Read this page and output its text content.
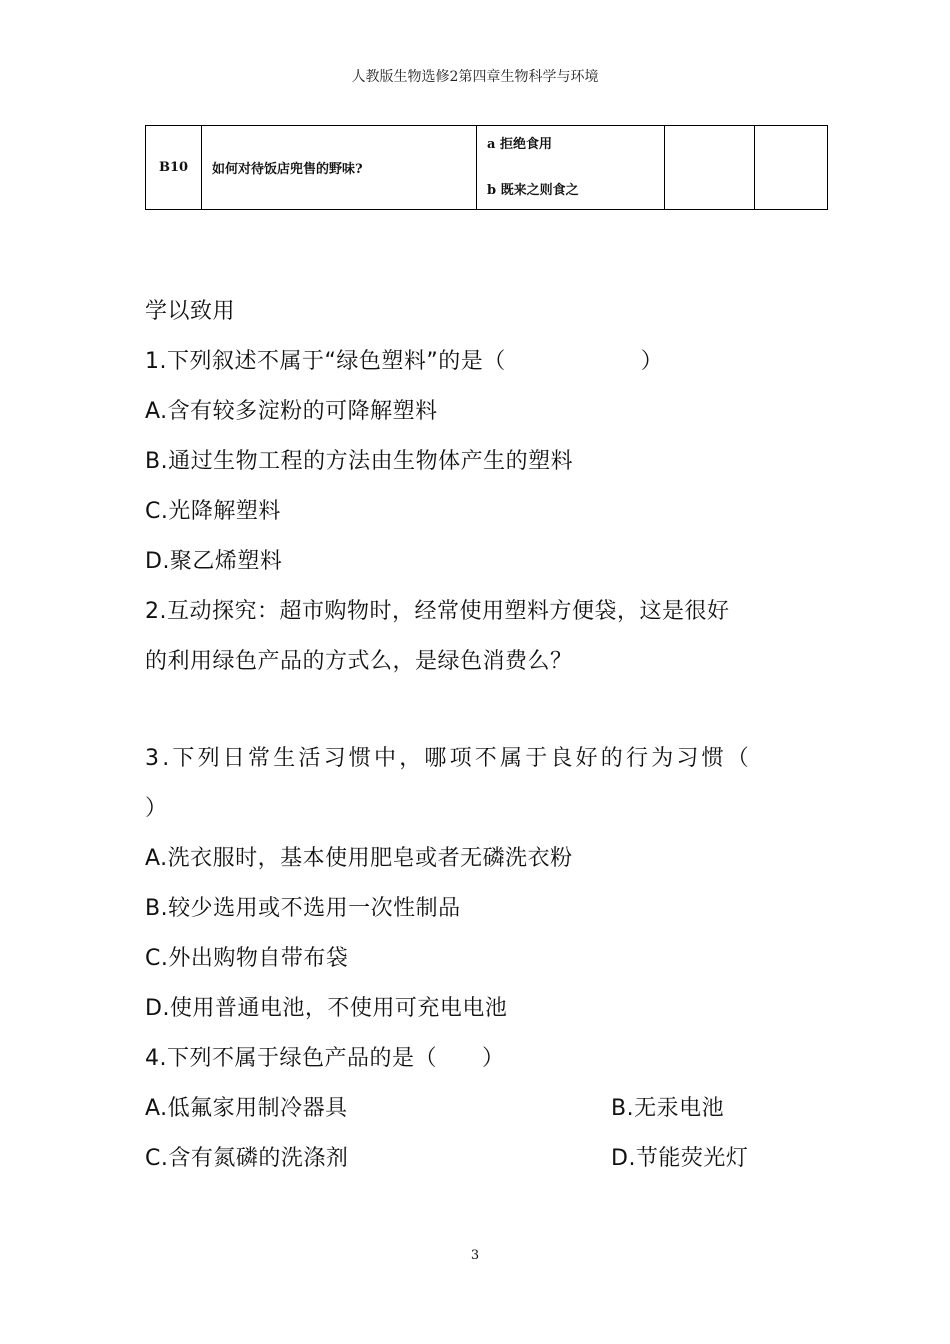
人教版生物选修2第四章生物科学与环境
B10	如何对待饭店兜售的野味?	
a 拒绝食用
b 既来之则食之

学以致用
1.下列叙述不属于“绿色塑料”的是（　　　　　　）
A.含有较多淀粉的可降解塑料
B.通过生物工程的方法由生物体产生的塑料
C.光降解塑料
D.聚乙烯塑料
2.互动探究：超市购物时，经常使用塑料方便袋，这是很好
的利用绿色产品的方式么，是绿色消费么？
3.下列日常生活习惯中，哪项不属于良好的行为习惯（
）
A.洗衣服时，基本使用肥皂或者无磷洗衣粉
B.较少选用或不选用一次性制品
C.外出购物自带布袋
D.使用普通电池，不使用可充电电池
4.下列不属于绿色产品的是（　　）
A.低氟家用制冷器具	B.无汞电池
C.含有氮磷的洗涤剂	D.节能荧光灯
3
